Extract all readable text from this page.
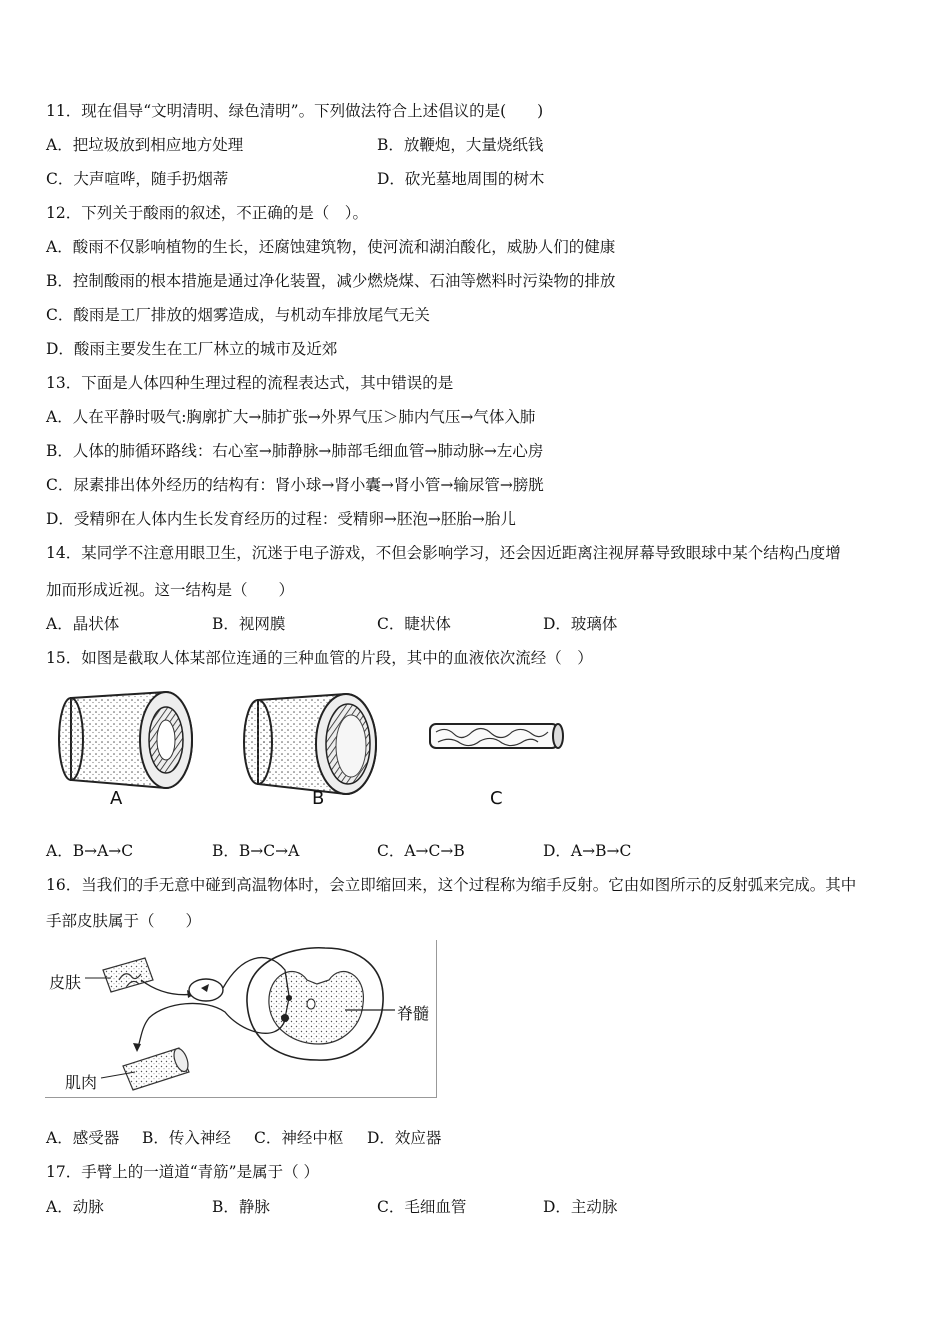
11．现在倡导“文明清明、绿色清明”。下列做法符合上述倡议的是(　　)
A．把垃圾放到相应地方处理	B．放鞭炮，大量烧纸钱
C．大声喧哗，随手扔烟蒂	D．砍光墓地周围的树木
12．下列关于酸雨的叙述，不正确的是（　）。
A．酸雨不仅影响植物的生长，还腐蚀建筑物，使河流和湖泊酸化，威胁人们的健康
B．控制酸雨的根本措施是通过净化装置，减少燃烧煤、石油等燃料时污染物的排放
C．酸雨是工厂排放的烟雾造成，与机动车排放尾气无关
D．酸雨主要发生在工厂林立的城市及近郊
13．下面是人体四种生理过程的流程表达式，其中错误的是
A．人在平静时吸气:胸廓扩大→肺扩张→外界气压＞肺内气压→气体入肺
B．人体的肺循环路线：右心室→肺静脉→肺部毛细血管→肺动脉→左心房
C．尿素排出体外经历的结构有：肾小球→肾小囊→肾小管→输尿管→膀胱
D．受精卵在人体内生长发育经历的过程：受精卵→胚泡→胚胎→胎儿
14．某同学不注意用眼卫生，沉迷于电子游戏，不但会影响学习，还会因近距离注视屏幕导致眼球中某个结构凸度增
加而形成近视。这一结构是（　　）
A．晶状体	B．视网膜	C．睫状体	D．玻璃体
15．如图是截取人体某部位连通的三种血管的片段，其中的血液依次流经（　）
A	B	C
A．B→A→C	B．B→C→A	C．A→C→B	D．A→B→C
16．当我们的手无意中碰到高温物体时，会立即缩回来，这个过程称为缩手反射。它由如图所示的反射弧来完成。其中
手部皮肤属于（　　）
皮肤
脊髓
肌肉
A．感受器 B．传入神经 C．神经中枢 D．效应器
17．手臂上的一道道“青筋”是属于（ ）
A．动脉	B．静脉	C．毛细血管	D．主动脉
